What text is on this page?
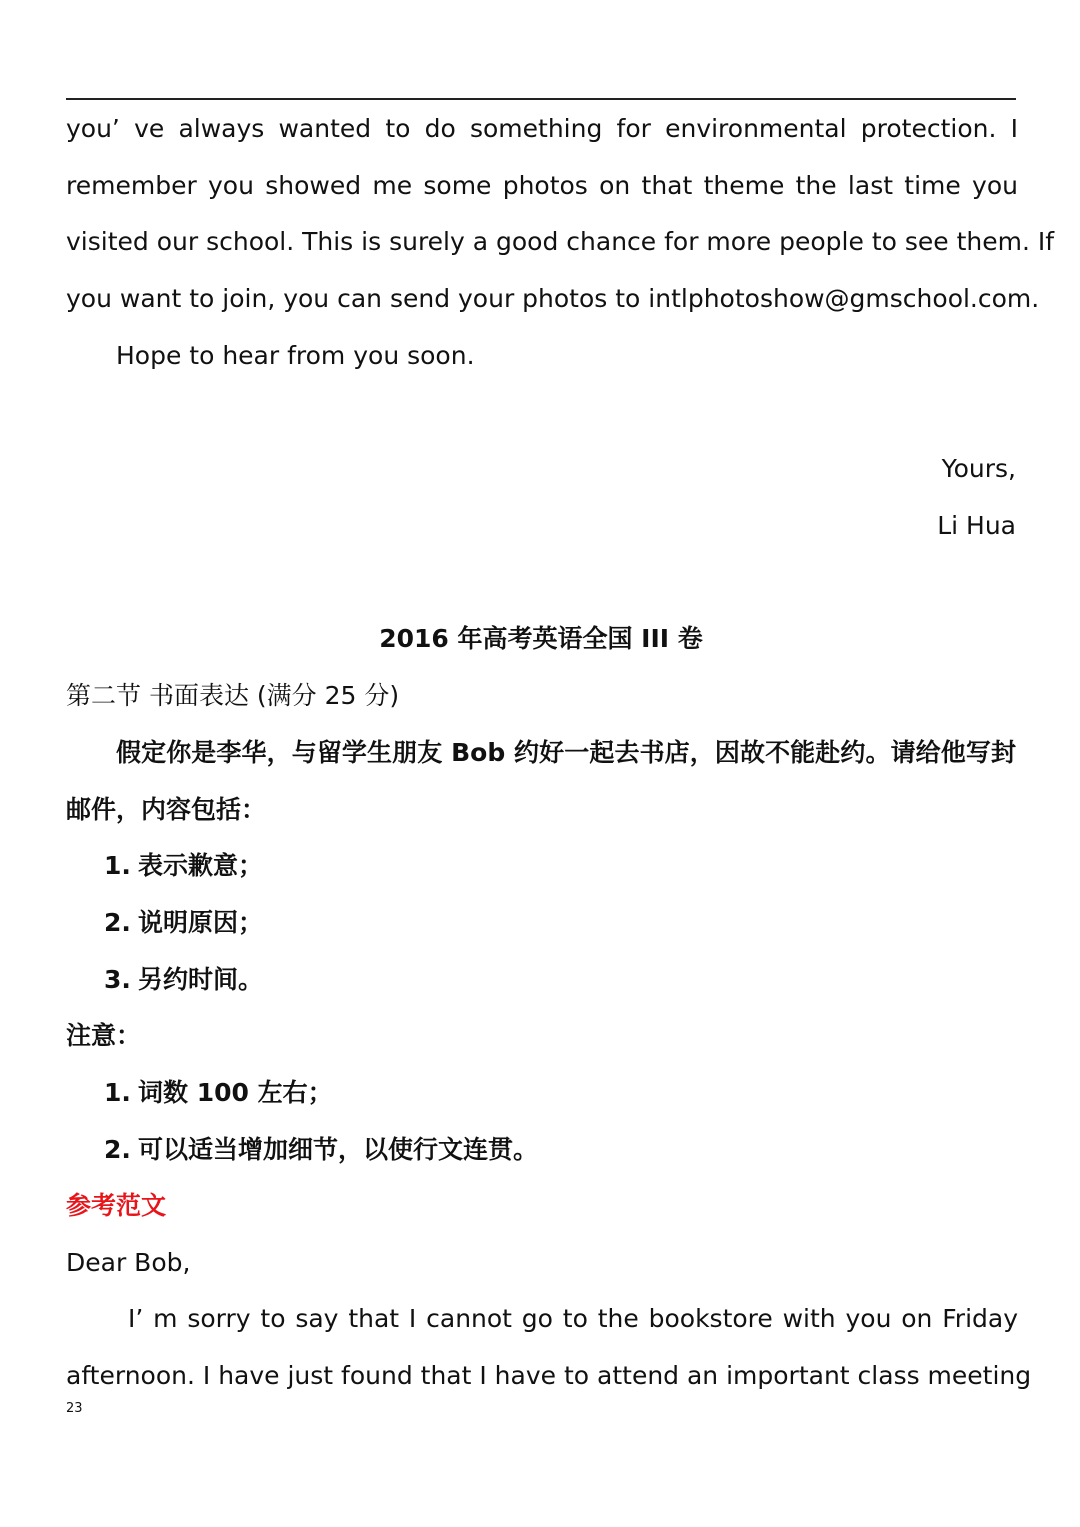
you’ ve always wanted to do something for environmental protection. I
remember you showed me some photos on that theme the last time you
visited our school. This is surely a good chance for more people to see them. If
you want to join, you can send your photos to intlphotoshow@gmschool.com.
Hope to hear from you soon.
Yours,
Li Hua
2016 年高考英语全国 III 卷
第二节 书面表达 (满分 25 分)
假定你是李华，与留学生朋友 Bob 约好一起去书店，因故不能赴约。请给他写封
邮件，内容包括：
1. 表示歉意；
2. 说明原因；
3. 另约时间。
注意：
1. 词数 100 左右；
2. 可以适当增加细节，以使行文连贯。
参考范文
Dear Bob,
I’ m sorry to say that I cannot go to the bookstore with you on Friday
afternoon. I have just found that I have to attend an important class meeting
23
